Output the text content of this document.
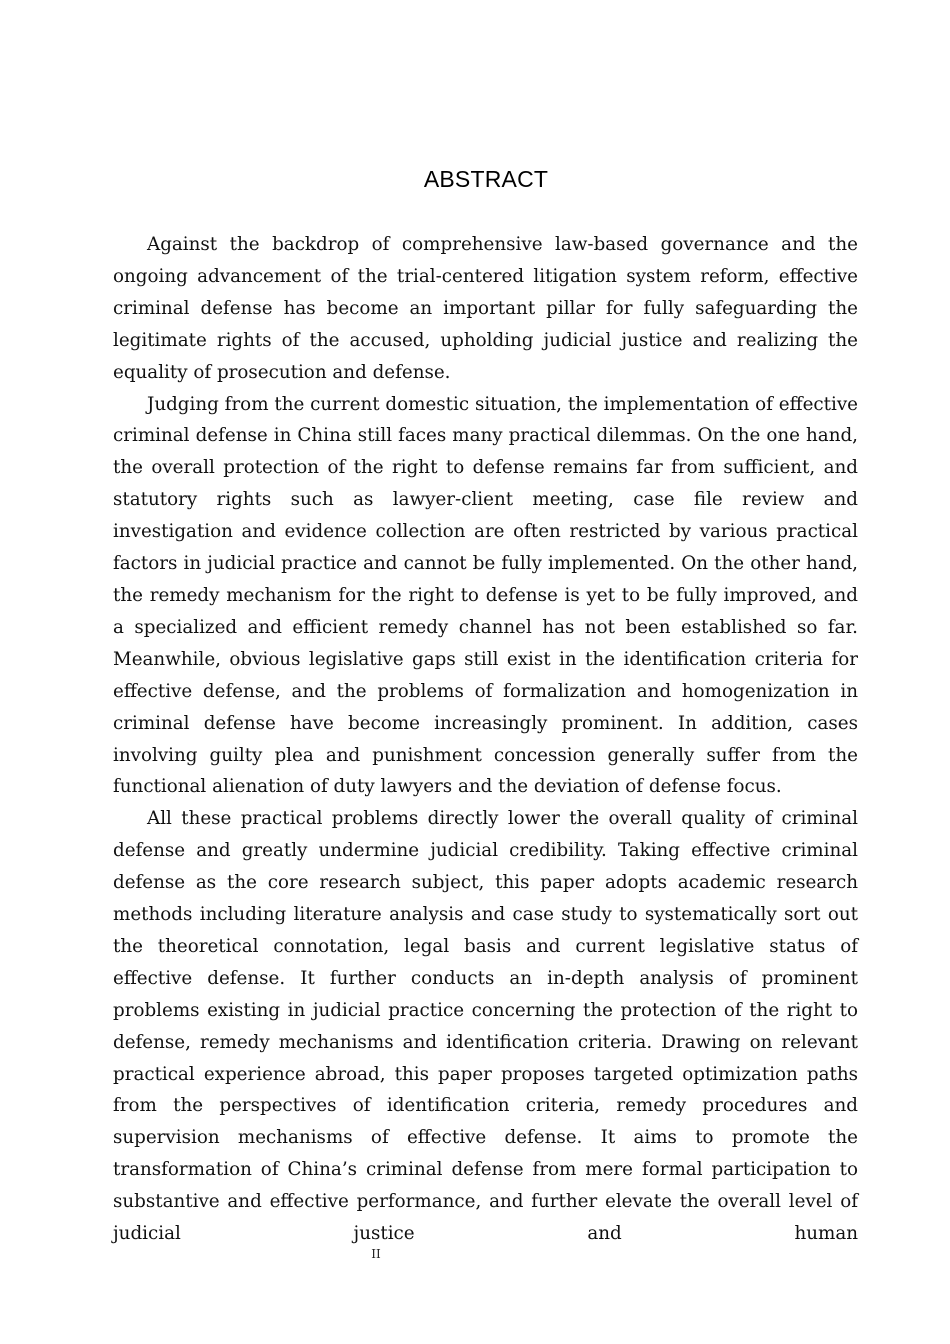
ABSTRACT

Against the backdrop of comprehensive law-based governance and the ongoing advancement of the trial-centered litigation system reform, effective criminal defense has become an important pillar for fully safeguarding the legitimate rights of the accused, upholding judicial justice and realizing the equality of prosecution and defense.

Judging from the current domestic situation, the implementation of effective criminal defense in China still faces many practical dilemmas. On the one hand, the overall protection of the right to defense remains far from sufficient, and statutory rights such as lawyer-client meeting, case file review and investigation and evidence collection are often restricted by various practical factors in judicial practice and cannot be fully implemented. On the other hand, the remedy mechanism for the right to defense is yet to be fully improved, and a specialized and efficient remedy channel has not been established so far. Meanwhile, obvious legislative gaps still exist in the identification criteria for effective defense, and the problems of formalization and homogenization in criminal defense have become increasingly prominent. In addition, cases involving guilty plea and punishment concession generally suffer from the functional alienation of duty lawyers and the deviation of defense focus.

All these practical problems directly lower the overall quality of criminal defense and greatly undermine judicial credibility. Taking effective criminal defense as the core research subject, this paper adopts academic research methods including literature analysis and case study to systematically sort out the theoretical connotation, legal basis and current legislative status of effective defense. It further conducts an in-depth analysis of prominent problems existing in judicial practice concerning the protection of the right to defense, remedy mechanisms and identification criteria. Drawing on relevant practical experience abroad, this paper proposes targeted optimization paths from the perspectives of identification criteria, remedy procedures and supervision mechanisms of effective defense. It aims to promote the transformation of China’s criminal defense from mere formal participation to substantive and effective performance, and further elevate the overall level of judicial justice and human

II
